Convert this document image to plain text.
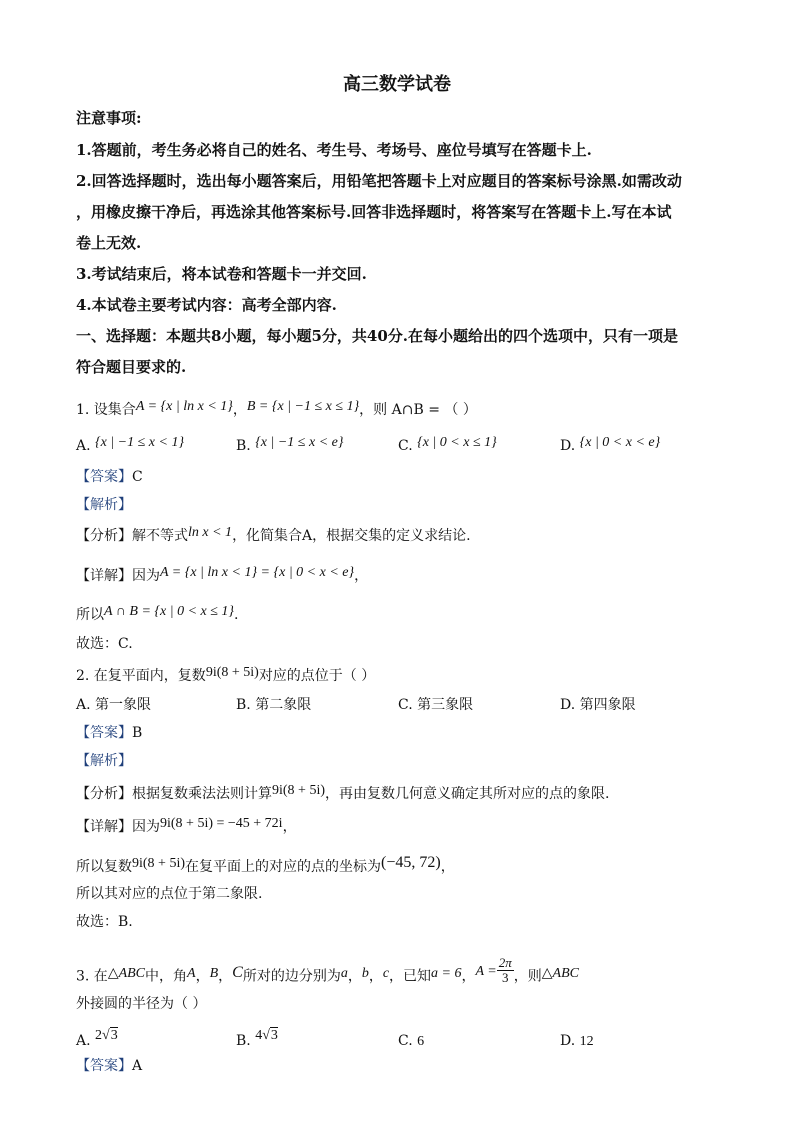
高三数学试卷
注意事项:
1.答题前，考生务必将自己的姓名、考生号、考场号、座位号填写在答题卡上.
2.回答选择题时，选出每小题答案后，用铅笔把答题卡上对应题目的答案标号涂黑.如需改动
，用橡皮擦干净后，再选涂其他答案标号.回答非选择题时，将答案写在答题卡上.写在本试
卷上无效.
3.考试结束后，将本试卷和答题卡一并交回.
4.本试卷主要考试内容：高考全部内容.
一、选择题：本题共8小题，每小题5分，共40分.在每小题给出的四个选项中，只有一项是
符合题目要求的.
1. 设集合A = {x | ln x < 1}，B = {x | −1 ≤ x ≤ 1}，则 A∩B = （ ）
A. {x | −1 ≤ x < 1}	B. {x | −1 ≤ x < e}	C. {x | 0 < x ≤ 1}	D. {x | 0 < x < e}
【答案】C
【解析】
【分析】解不等式ln x < 1，化简集合A，根据交集的定义求结论.
【详解】因为A = {x | ln x < 1} = {x | 0 < x < e}，
所以A ∩ B = {x | 0 < x ≤ 1}.
故选：C.
2. 在复平面内，复数9i(8 + 5i)对应的点位于（ ）
A. 第一象限	B. 第二象限	C. 第三象限	D. 第四象限
【答案】B
【解析】
【分析】根据复数乘法法则计算9i(8 + 5i)，再由复数几何意义确定其所对应的点的象限.
【详解】因为9i(8 + 5i) = −45 + 72i，
所以复数9i(8 + 5i)在复平面上的对应的点的坐标为(−45, 72)，
所以其对应的点位于第二象限.
故选：B.
3. 在△ABC中，角A，B，C所对的边分别为a，b，c，已知a = 6，$A = \frac{2\pi}{3}$ ，则△ABC
外接圆的半径为（ ）
A. 2√3	B. 4√3	C. 6	D. 12
【答案】A
